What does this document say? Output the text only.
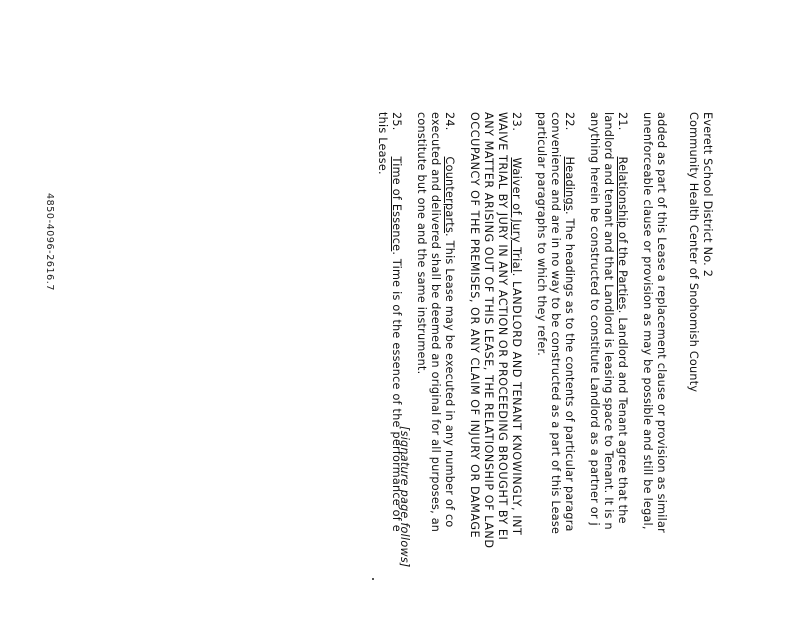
Everett School District No. 2
Community Health Center of Snohomish County
added as part of this Lease a replacement clause or provision as similar
unenforceable clause or provision as may be possible and still be legal,
21.Relationship of the Parties. Landlord and Tenant agree that the
landlord and tenant and that Landlord is leasing space to Tenant. It is n
anything herein be constructed to constitute Landlord as a partner or j
22.Headings. The headings as to the contents of particular paragra
convenience and are in no way to be constructed as a part of this Lease
particular paragraphs to which they refer.
23.Waiver of Jury Trial. LANDLORD AND TENANT KNOWINGLY, INT
WAIVE TRIAL BY JURY IN ANY ACTION OR PROCEEDING BROUGHT BY EI
ANY MATTER ARISING OUT OF THIS LEASE, THE RELATIONSHIP OF LAND
OCCUPANCY OF THE PREMISES, OR ANY CLAIM OF INJURY OR DAMAGE
24.Counterparts. This Lease may be executed in any number of co
executed and delivered shall be deemed an original for all purposes, an
constitute but one and the same instrument.
25.Time of Essence. Time is of the essence of the performance of e
this Lease.
[signature page follows]
4850-4096-2616.7
